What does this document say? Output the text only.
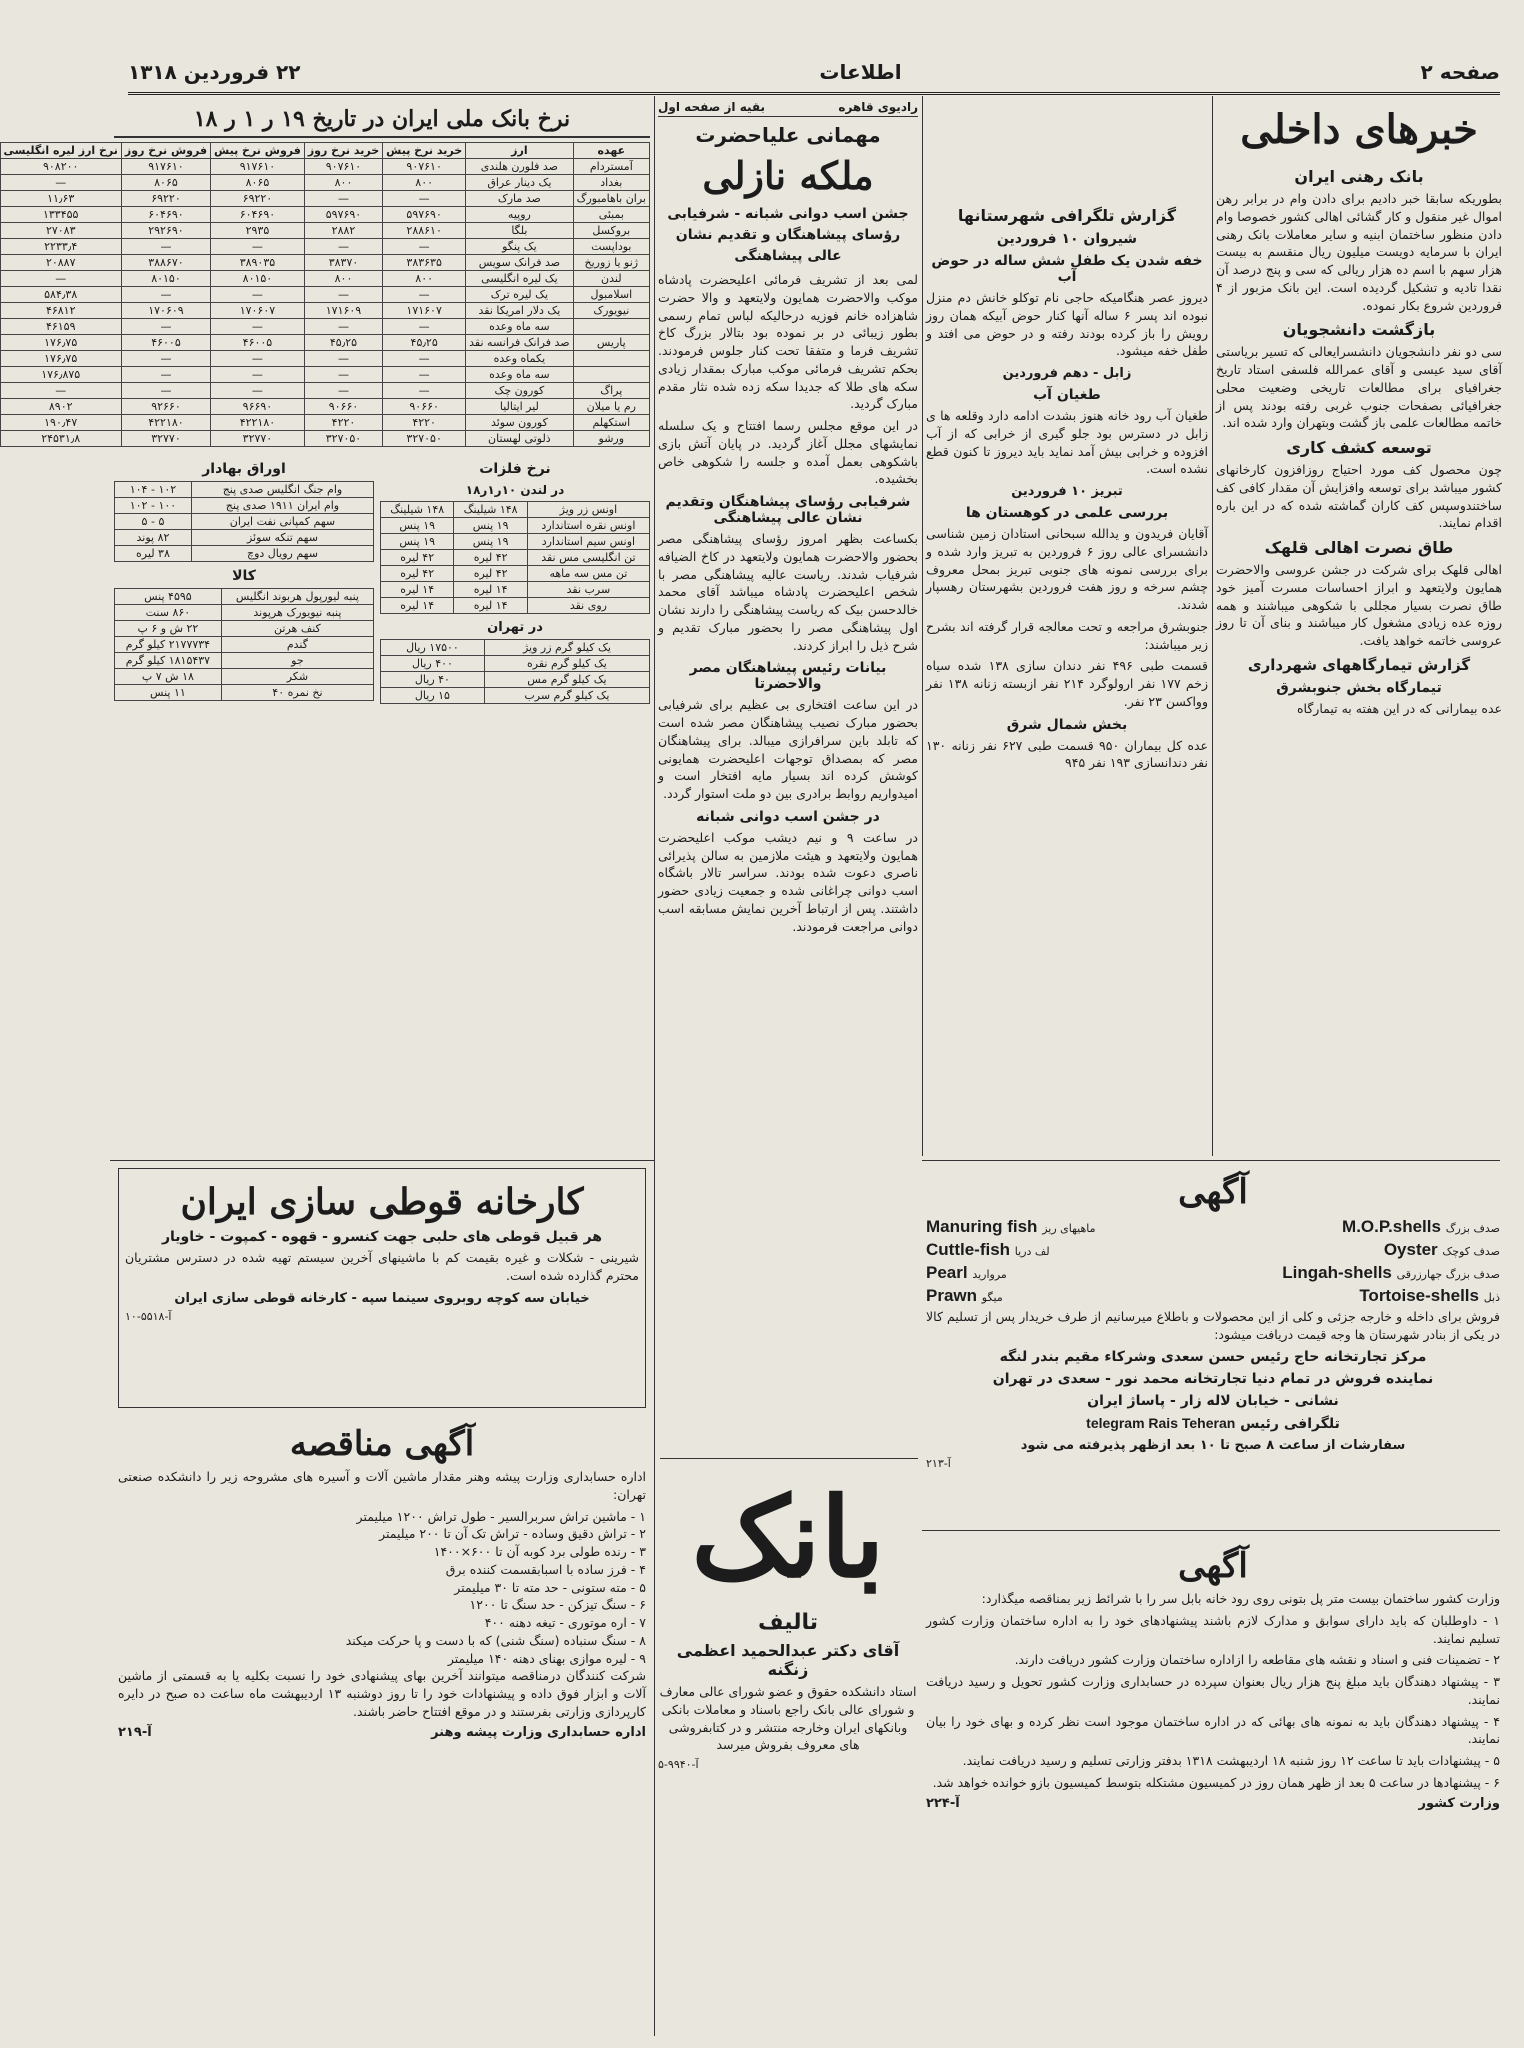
صفحه ۲
اطلاعات
۲۲ فروردین ۱۳۱۸
خبرهای داخلی
بانک رهنی ایران

بطوریکه سابقا خبر دادیم برای دادن وام در برابر رهن اموال غیر منقول و کار گشائی اهالی کشور خصوصا وام دادن منظور ساختمان ابنیه و سایر معاملات بانک رهنی ایران با سرمایه دویست میلیون ریال منقسم به بیست هزار سهم با اسم ده هزار ریالی که سی و پنج درصد آن نقدا تادیه و تشکیل گردیده است. این بانک مزبور از ۴ فروردین شروع بکار نموده.

بازگشت دانشجویان

سی دو نفر دانشجویان دانشسرایعالی که تسیر بریاستی آقای سید عیسی و آقای عمرالله فلسفی استاد تاریخ جغرافیای برای مطالعات تاریخی وضعیت محلی جغرافیائی بصفحات جنوب غربی رفته بودند پس از خاتمه مطالعات علمی باز گشت وبتهران وارد شده اند.

توسعه کشف کاری

چون محصول کف مورد احتیاج روزافزون کارخانهای کشور میباشد برای توسعه وافزایش آن مقدار کافی کف ساختندوسپس کف کاران گماشته شده که در این باره اقدام نمایند.

طاق نصرت اهالی قلهک

اهالی قلهک برای شرکت در جشن عروسی والاحضرت همایون ولایتعهد و ابراز احساسات مسرت آمیز خود طاق نصرت بسیار مجللی با شکوهی میباشند و همه روزه عده زیادی مشغول کار میباشند و بنای آن تا روز عروسی خاتمه خواهد یافت.

گزارش تیمارگاههای شهرداری
تیمارگاه بخش جنوبشرق

عده بیمارانی که در این هفته به تیمارگاه

گزارش تلگرافی شهرستانها
شیروان ۱۰ فروردین
خفه شدن یک طفل شش ساله در حوض آب

دیروز عصر هنگامیکه حاجی نام توکلو خانش دم منزل نبوده اند پسر ۶ ساله آنها کنار حوض آبیکه همان روز رویش را باز کرده بودند رفته و در حوض می افتد و طفل خفه میشود.

زابل - دهم فروردین
طغیان آب

طغیان آب رود خانه هنوز بشدت ادامه دارد وقلعه ها ی زابل در دسترس بود جلو گیری از خرابی که از آب افزوده و خرابی بیش آمد نماید باید دیروز تا کنون قطع نشده است.

تبریز ۱۰ فروردین
بررسی علمی در کوهستان ها

آقایان فریدون و یدالله سبحانی استادان زمین شناسی دانشسرای عالی روز ۶ فروردین به تبریز وارد شده و برای بررسی نمونه های جنوبی تبریز بمحل معروف چشم سرخه و روز هفت فروردین بشهرستان رهسپار شدند.

جنوبشرق مراجعه و تحت معالجه قرار گرفته اند بشرح زیر میباشند:

قسمت طبی ۴۹۶ نفر دندان سازی ۱۳۸ شده سیاه زخم ۱۷۷ نفر ارولوگرد ۲۱۴ نفر ازبسته زنانه ۱۳۸ نفر وواکسن ۲۳ نفر.

بخش شمال شرق

عده کل بیماران ۹۵۰ قسمت طبی ۶۲۷ نفر زنانه ۱۳۰ نفر دندانسازی ۱۹۳ نفر ۹۴۵

رادیوی قاهره
بقیه از صفحه اول
مهمانی علیاحضرت
ملکه نازلی
جشن اسب دوانی شبانه - شرفیابی رؤسای پیشاهنگان و تقدیم نشان عالی پیشاهنگی

لمی بعد از تشریف فرمائی اعلیحضرت پادشاه موکب والاحضرت همایون ولایتعهد و والا حضرت شاهزاده خانم فوزیه درحالیکه لباس تمام رسمی بطور زیبائی در بر نموده بود بتالار بزرگ کاخ تشریف فرما و متفقا تحت کنار جلوس فرمودند. بحکم تشریف فرمائی موکب مبارک بمقدار زیادی سکه های طلا که جدیدا سکه زده شده نثار مقدم مبارک گردید.

در این موقع مجلس رسما افتتاح و یک سلسله نمایشهای مجلل آغاز گردید. در پایان آتش بازی باشکوهی بعمل آمده و جلسه را شکوهی خاص بخشیده.

شرفیابی رؤسای پیشاهنگان وتقدیم نشان عالی پیشاهنگی

بکساعت بظهر امروز رؤسای پیشاهنگی مصر بحضور والاحضرت همایون ولایتعهد در کاخ الضیافه شرفیاب شدند. ریاست عالیه پیشاهنگی مصر با شخص اعلیحضرت پادشاه میباشد آقای محمد خالدحسن بیک که ریاست پیشاهنگی را دارند نشان اول پیشاهنگی مصر را بحضور مبارک تقدیم و شرح ذیل را ابراز کردند.

بیانات رئیس پیشاهنگان مصر والاحضرتا

در این ساعت افتخاری بی عظیم برای شرفیابی بحضور مبارک نصیب پیشاهنگان مصر شده است که تابلد باین سرافرازی میبالد. برای پیشاهنگان مصر که بمصداق توجهات اعلیحضرت همایونی کوشش کرده اند بسیار مایه افتخار است و امیدواریم روابط برادری بین دو ملت استوار گردد.

در جشن اسب دوانی شبانه

در ساعت ۹ و نیم دیشب موکب اعلیحضرت همایون ولایتعهد و هیئت ملازمین به سالن پذیرائی ناصری دعوت شده بودند. سراسر تالار باشگاه اسب دوانی چراغانی شده و جمعیت زیادی حضور داشتند. پس از ارتباط آخرین نمایش مسابقه اسب دوانی مراجعت فرمودند.

نرخ بانک ملی ایران در تاریخ ۱۹ ر ۱ ر ۱۸
عهده	ارز	خرید نرخ پیش	خرید نرخ روز	فروش نرخ پیش	فروش نرخ روز	نرخ ارز لیره انگلیسی
آمستردام	صد فلورن هلندی	۹۰۷۶۱۰	۹۰۷۶۱۰	۹۱۷۶۱۰	۹۱۷۶۱۰	۹۰۸۲۰۰
بغداد	یک دینار عراق	۸۰۰	۸۰۰	۸۰۶۵	۸۰۶۵	—
بران باهامبورگ	صد مارک	—	—	۶۹۲۲۰	۶۹۲۲۰	۱۱٫۶۳
بمبئی	روپیه	۵۹۷۶۹۰	۵۹۷۶۹۰	۶۰۴۶۹۰	۶۰۴۶۹۰	۱۳۳۴۵۵
بروکسل	بلگا	۲۸۸۶۱۰	۲۸۸۲	۲۹۳۵	۲۹۲۶۹۰	۲۷۰۸۳
بوداپست	یک پنگو	—	—	—	—	۲۲۳۳٫۴
ژنو یا زوریخ	صد فرانک سویس	۳۸۳۶۳۵	۳۸۳۷۰	۳۸۹۰۳۵	۳۸۸۶۷۰	۲۰۸۸۷
لندن	یک لیره انگلیسی	۸۰۰	۸۰۰	۸۰۱۵۰	۸۰۱۵۰	—
اسلامبول	یک لیره ترک	—	—	—	—	۵۸۴٫۳۸
نیویورک	یک دلار امریکا نقد	۱۷۱۶۰۷	۱۷۱۶۰۹	۱۷۰۶۰۷	۱۷۰۶۰۹	۴۶۸۱۲
	سه ماه وعده	—	—	—	—	۴۶۱۵۹
پاریس	صد فرانک فرانسه نقد	۴۵٫۲۵	۴۵٫۲۵	۴۶۰۰۵	۴۶۰۰۵	۱۷۶٫۷۵
	یکماه وعده	—	—	—	—	۱۷۶٫۷۵
	سه ماه وعده	—	—	—	—	۱۷۶٫۸۷۵
پراگ	کورون چک	—	—	—	—	—
رم یا میلان	لیر ایتالیا	۹۰۶۶۰	۹۰۶۶۰	۹۶۶۹۰	۹۲۶۶۰	۸۹۰۲
استکهلم	کورون سوئد	۴۲۲۰	۴۲۲۰	۴۲۲۱۸۰	۴۲۲۱۸۰	۱۹۰٫۴۷
ورشو	ذلوتی لهستان	۳۲۷۰۵۰	۳۲۷۰۵۰	۳۲۷۷۰	۳۲۷۷۰	۲۴۵۳۱٫۸
نرخ فلزات
در لندن ۱۰ر۱ر۱۸
اونس زر ویژ	۱۴۸ شیلینگ	۱۴۸ شیلینگ
اونس نقره استاندارد	۱۹ پنس	۱۹ پنس
اونس سیم استاندارد	۱۹ پنس	۱۹ پنس
تن انگلیسی مس نقد	۴۲ لیره	۴۲ لیره
تن مس سه ماهه	۴۲ لیره	۴۲ لیره
سرب نقد	۱۴ لیره	۱۴ لیره
روی نقد	۱۴ لیره	۱۴ لیره
در تهران
یک کیلو گرم زر ویژ	۱۷۵۰۰ ریال
یک کیلو گرم نقره	۴۰۰ ریال
یک کیلو گرم مس	۴۰ ریال
یک کیلو گرم سرب	۱۵ ریال
اوراق بهادار
وام جنگ انگلیس صدی پنج	۱۰۲ - ۱۰۴
وام ایران ۱۹۱۱ صدی پنج	۱۰۰ - ۱۰۲
سهم کمپانی نفت ایران	۵ - ۵
سهم تنکه سوئز	۸۲ پوند
سهم رویال دوچ	۳۸ لیره
کالا
پنبه لیورپول هربوند انگلیس	۴۵۹۵ پنس
پنبه نیویورک هرپوند	۸۶۰ سنت
کنف هرتن	۲۲ ش و ۶ پ
گندم	۲۱۷۷۷۳۴ کیلو گرم
جو	۱۸۱۵۴۳۷ کیلو گرم
شکر	۱۸ ش ۷ پ
نخ نمره ۴۰	۱۱ پنس
کارخانه قوطی سازی ایران
هر قبیل قوطی های حلبی جهت کنسرو - قهوه - کمپوت - خاویار

شیرینی - شکلات و غیره بقیمت کم با ماشینهای آخرین سیستم تهیه شده در دسترس مشتریان محترم گذارده شده است.

خیابان سه کوچه روبروی سینما سپه - کارخانه قوطی سازی ایران
آ-۵۵۱۸-۱۰
آگهی مناقصه

اداره حسابداری وزارت پیشه وهنر مقدار ماشین آلات و آسیره های مشروحه زیر را دانشکده صنعتی تهران:

۱ - ماشین تراش سربرالسیر - طول تراش ۱۲۰۰ میلیمتر

۲ - تراش دقیق وساده - تراش تک آن تا ۲۰۰ میلیمتر

۳ - رنده طولی برد کوبه آن تا ۶۰۰×۱۴۰۰

۴ - فرز ساده با اسبابقسمت کننده برق

۵ - مته ستونی - حد مته تا ۳۰ میلیمتر

۶ - سنگ تیزکن - حد سنگ تا ۱۲۰۰

۷ - اره موتوری - تیغه دهنه ۴۰۰

۸ - سنگ سنباده (سنگ شنی) که با دست و پا حرکت میکند

۹ - لیره موازی بهنای دهنه ۱۴۰ میلیمتر

شرکت کنندگان درمناقصه میتوانند آخرین بهای پیشنهادی خود را نسبت بکلیه یا به قسمتی از ماشین آلات و ابزار فوق داده و پیشنهادات خود را تا روز دوشنبه ۱۳ اردیبهشت ماه ساعت ده صبح در دایره کارپردازی وزارتی بفرستند و در موقع افتتاح حاضر باشند.

اداره حسابداری وزارت پیشه وهنر
آ-۲۱۹
بانک
تالیف
آقای دکتر عبدالحمید اعظمی زنگنه

استاد دانشکده حقوق و عضو شورای عالی معارف و شورای عالی بانک راجع باسناد و معاملات بانکی وبانکهای ایران وخارجه منتشر و در کتابفروشی های معروف بفروش میرسد

آ-۹۹۴۰-۵
آگهی
صدف بزرگ M.O.P.shells
ماهیهای ریز Manuring fish
صدف کوچک Oyster
لف دریا Cuttle-fish
صدف بزرگ جهارزرقی Lingah-shells
مروارید Pearl
ذبل Tortoise-shells
میگو Prawn

فروش برای داخله و خارجه جزئی و کلی از این محصولات و باطلاع میرسانیم از طرف خریدار پس از تسلیم کالا در یکی از بنادر شهرستان ها وجه قیمت دریافت میشود:

مرکز تجارتخانه حاج رئیس حسن سعدی وشرکاء مقیم بندر لنگه
نماینده فروش در تمام دنیا تجارتخانه محمد نور - سعدی در تهران
نشانی - خیابان لاله زار - پاساژ ایران
تلگرافی رئیس telegram Rais Teheran
سفارشات از ساعت ۸ صبح تا ۱۰ بعد ازظهر پذیرفته می شود
آ-۲۱۳
آگهی

وزارت کشور ساختمان بیست متر پل بتونی روی رود خانه بابل سر را با شرائط زیر بمناقصه میگذارد:

۱ - داوطلبان که باید دارای سوابق و مدارک لازم باشند پیشنهادهای خود را به اداره ساختمان وزارت کشور تسلیم نمایند.

۲ - تضمینات فنی و اسناد و نقشه های مقاطعه را ازاداره ساختمان وزارت کشور دریافت دارند.

۳ - پیشنهاد دهندگان باید مبلغ پنج هزار ریال بعنوان سپرده در حسابداری وزارت کشور تحویل و رسید دریافت نمایند.

۴ - پیشنهاد دهندگان باید به نمونه های بهائی که در اداره ساختمان موجود است نظر کرده و بهای خود را بیان نمایند.

۵ - پیشنهادات باید تا ساعت ۱۲ روز شنبه ۱۸ اردیبهشت ۱۳۱۸ بدفتر وزارتی تسلیم و رسید دریافت نمایند.

۶ - پیشنهادها در ساعت ۵ بعد از ظهر همان روز در کمیسیون مشتکله بتوسط کمیسیون بازو خوانده خواهد شد.

وزارت کشور
آ-۲۲۴
